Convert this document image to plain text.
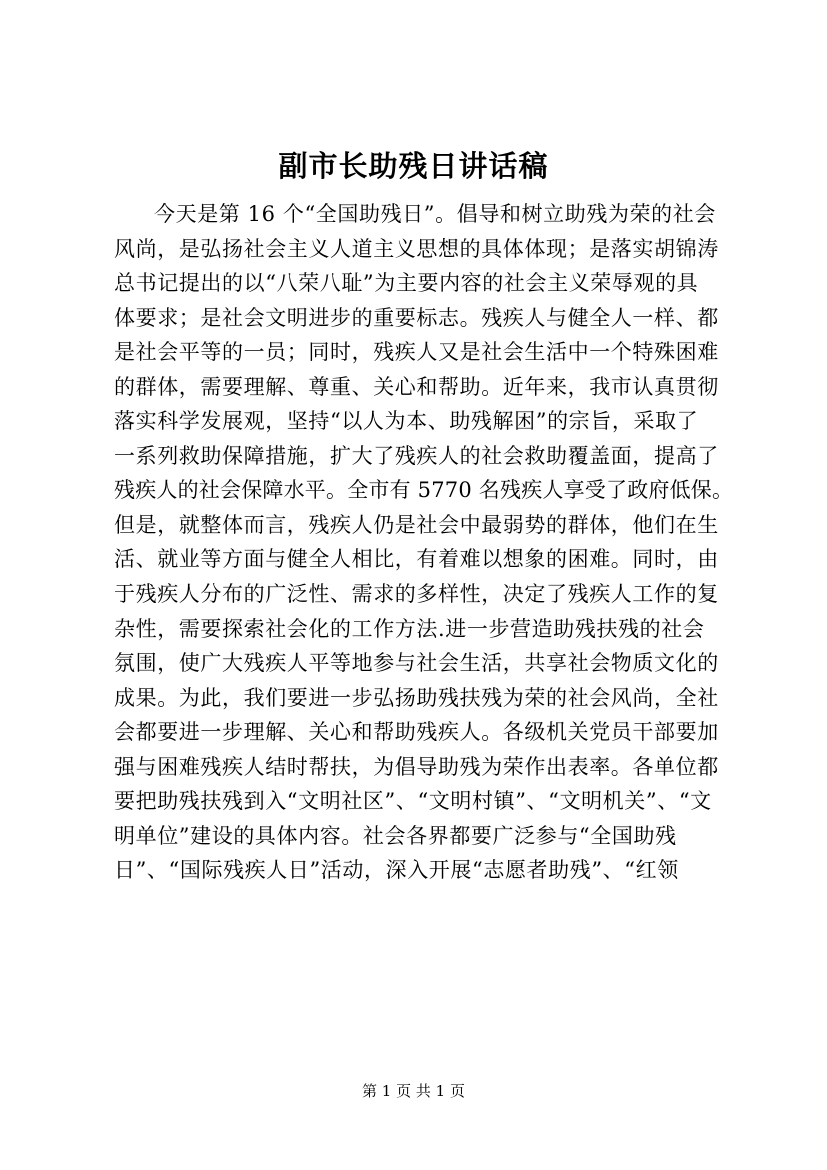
副市长助残日讲话稿
今天是第 16 个“全国助残日”。倡导和树立助残为荣的社会
风尚，是弘扬社会主义人道主义思想的具体体现；是落实胡锦涛
总书记提出的以“八荣八耻”为主要内容的社会主义荣辱观的具
体要求；是社会文明进步的重要标志。残疾人与健全人一样、都
是社会平等的一员；同时，残疾人又是社会生活中一个特殊困难
的群体，需要理解、尊重、关心和帮助。近年来，我市认真贯彻
落实科学发展观，坚持“以人为本、助残解困”的宗旨，采取了
一系列救助保障措施，扩大了残疾人的社会救助覆盖面，提高了
残疾人的社会保障水平。全市有 5770 名残疾人享受了政府低保。
但是，就整体而言，残疾人仍是社会中最弱势的群体，他们在生
活、就业等方面与健全人相比，有着难以想象的困难。同时，由
于残疾人分布的广泛性、需求的多样性，决定了残疾人工作的复
杂性，需要探索社会化的工作方法.进一步营造助残扶残的社会
氛围，使广大残疾人平等地参与社会生活，共享社会物质文化的
成果。为此，我们要进一步弘扬助残扶残为荣的社会风尚，全社
会都要进一步理解、关心和帮助残疾人。各级机关党员干部要加
强与困难残疾人结时帮扶，为倡导助残为荣作出表率。各单位都
要把助残扶残到入“文明社区”、“文明村镇”、“文明机关”、“文
明单位”建设的具体内容。社会各界都要广泛参与“全国助残
日”、“国际残疾人日”活动，深入开展“志愿者助残”、“红领
第 1 页 共 1 页
